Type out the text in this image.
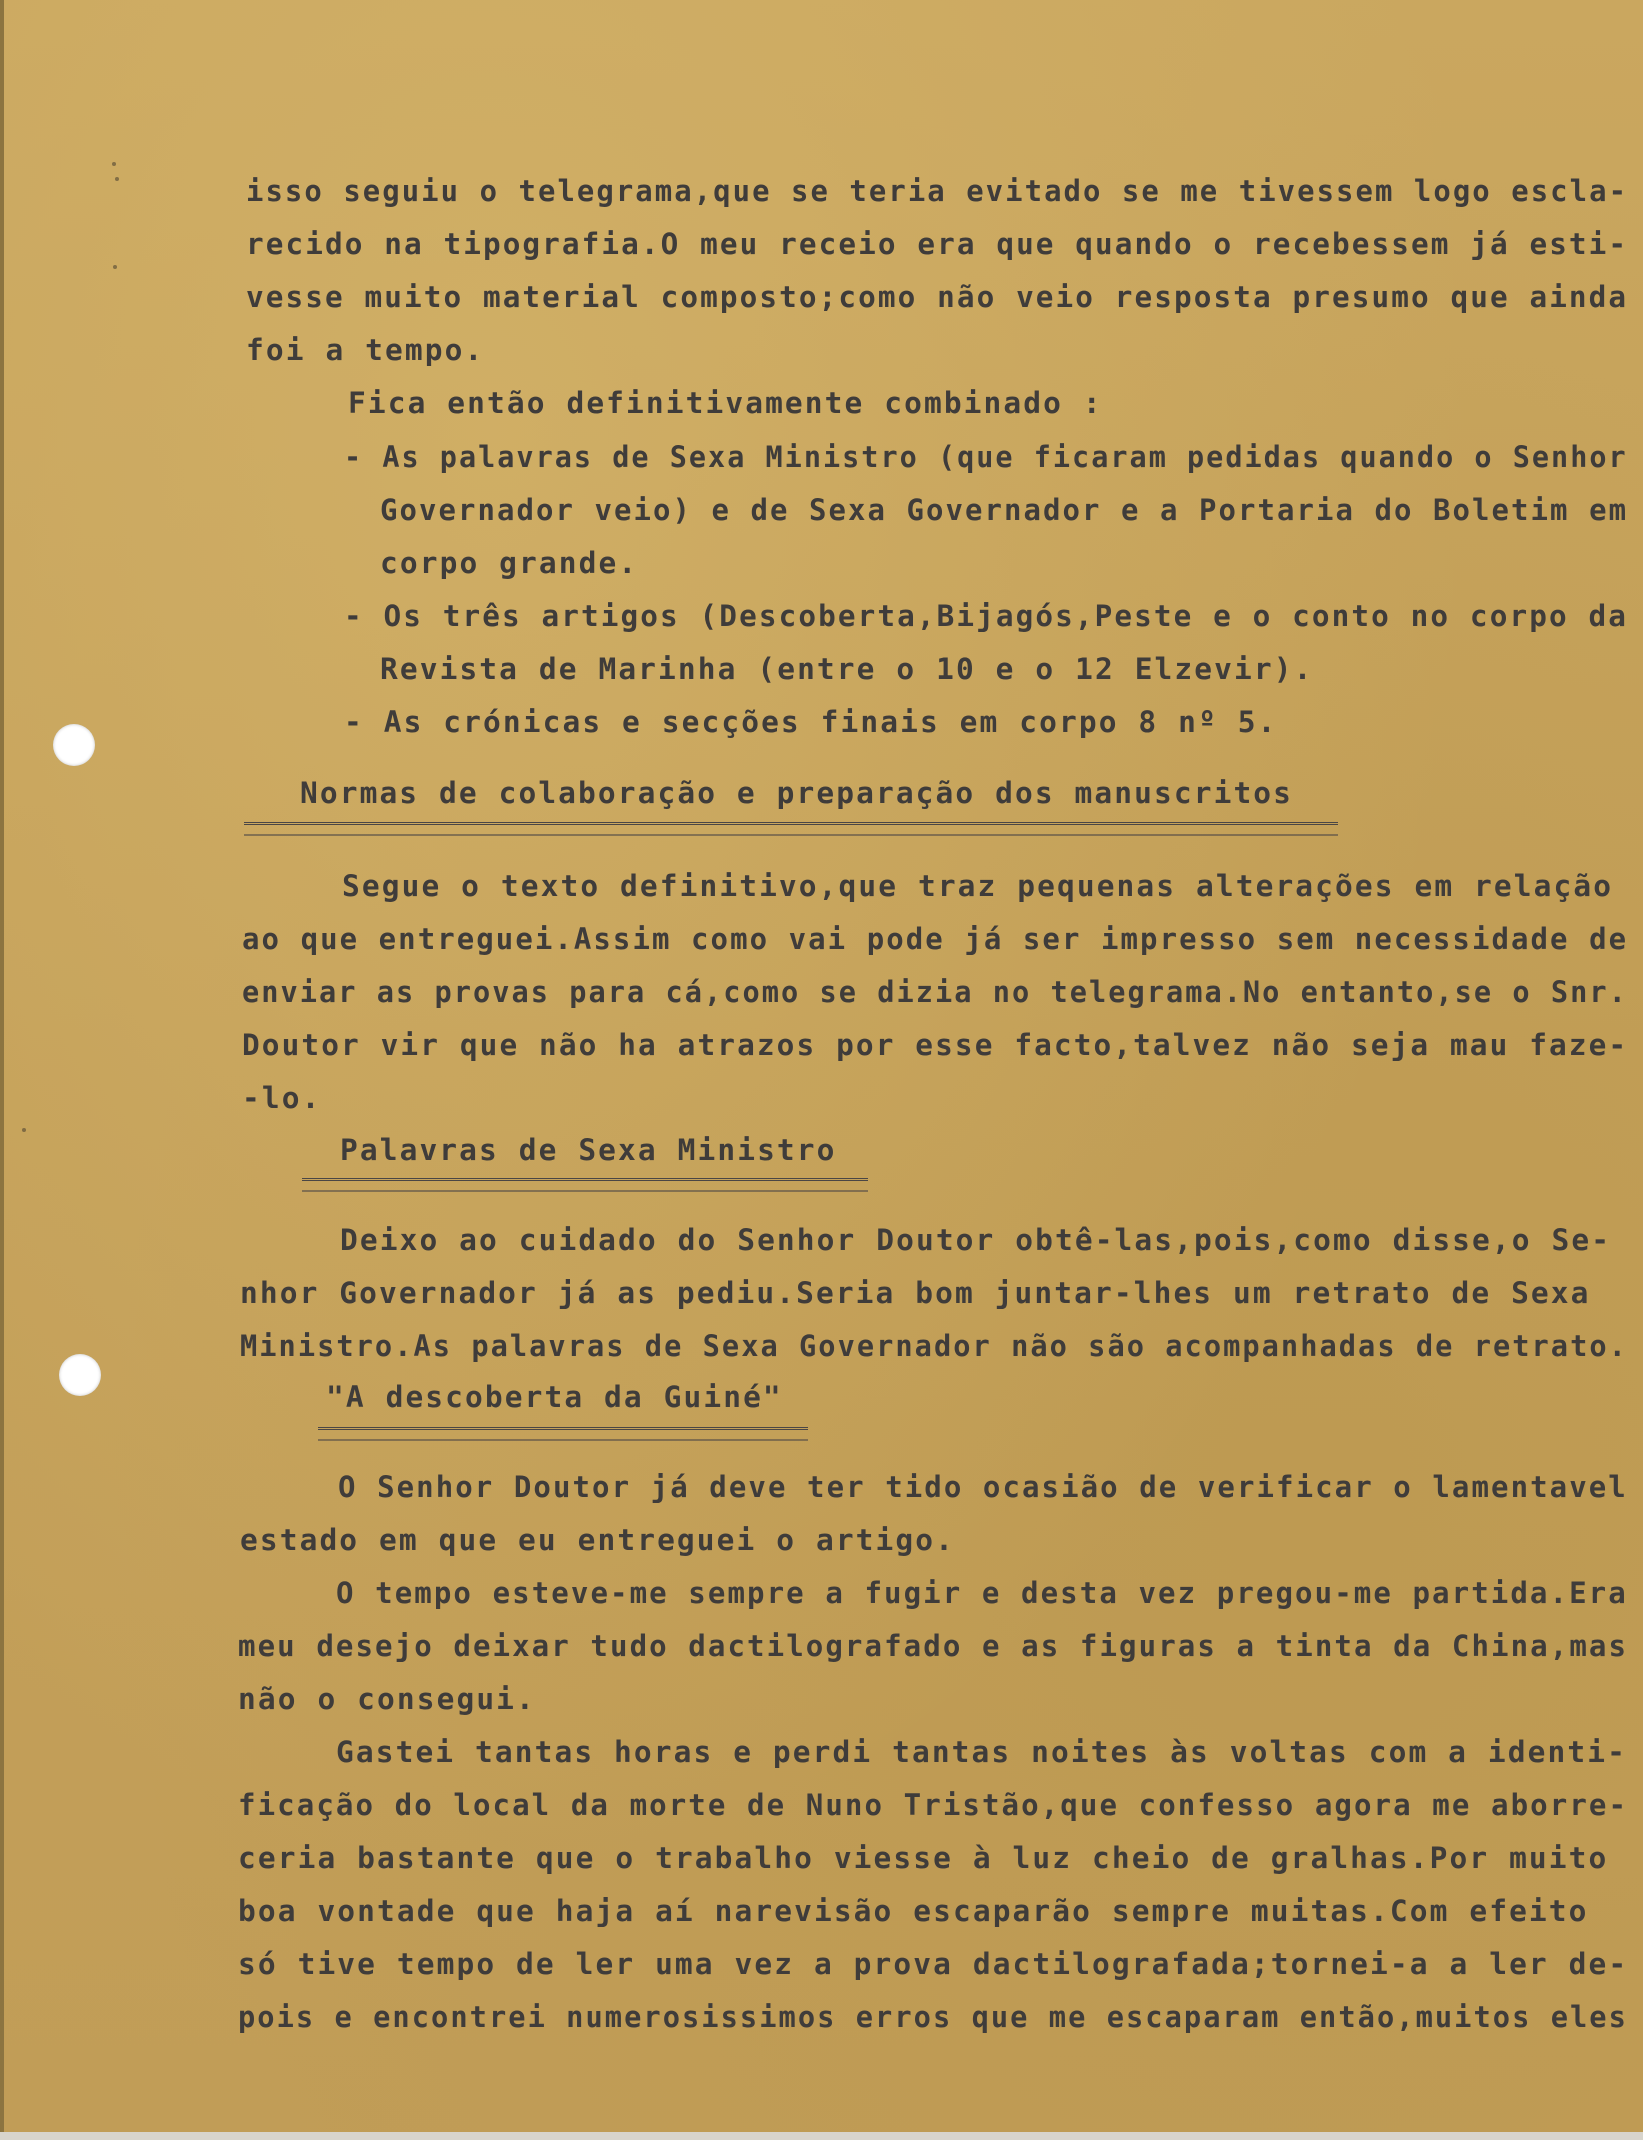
isso seguiu o telegrama,que se teria evitado se me tivessem logo escla-
recido na tipografia.O meu receio era que quando o recebessem já esti-
vesse muito material composto;como não veio resposta presumo que ainda
foi a tempo.
Fica então definitivamente combinado :
- As palavras de Sexa Ministro (que ficaram pedidas quando o Senhor
Governador veio) e de Sexa Governador e a Portaria do Boletim em
corpo grande.
- Os três artigos (Descoberta,Bijagós,Peste e o conto no corpo da
Revista de Marinha (entre o 10 e o 12 Elzevir).
- As crónicas e secções finais em corpo 8 nº 5.
Normas de colaboração e preparação dos manuscritos
Segue o texto definitivo,que traz pequenas alterações em relação
ao que entreguei.Assim como vai pode já ser impresso sem necessidade de
enviar as provas para cá,como se dizia no telegrama.No entanto,se o Snr.
Doutor vir que não ha atrazos por esse facto,talvez não seja mau faze-
-lo.
Palavras de Sexa Ministro
Deixo ao cuidado do Senhor Doutor obtê-las,pois,como disse,o Se-
nhor Governador já as pediu.Seria bom juntar-lhes um retrato de Sexa
Ministro.As palavras de Sexa Governador não são acompanhadas de retrato.
"A descoberta da Guiné"
O Senhor Doutor já deve ter tido ocasião de verificar o lamentavel
estado em que eu entreguei o artigo.
O tempo esteve-me sempre a fugir e desta vez pregou-me partida.Era
meu desejo deixar tudo dactilografado e as figuras a tinta da China,mas
não o consegui.
Gastei tantas horas e perdi tantas noites às voltas com a identi-
ficação do local da morte de Nuno Tristão,que confesso agora me aborre-
ceria bastante que o trabalho viesse à luz cheio de gralhas.Por muito
boa vontade que haja aí narevisão escaparão sempre muitas.Com efeito
só tive tempo de ler uma vez a prova dactilografada;tornei-a a ler de-
pois e encontrei numerosissimos erros que me escaparam então,muitos eles
